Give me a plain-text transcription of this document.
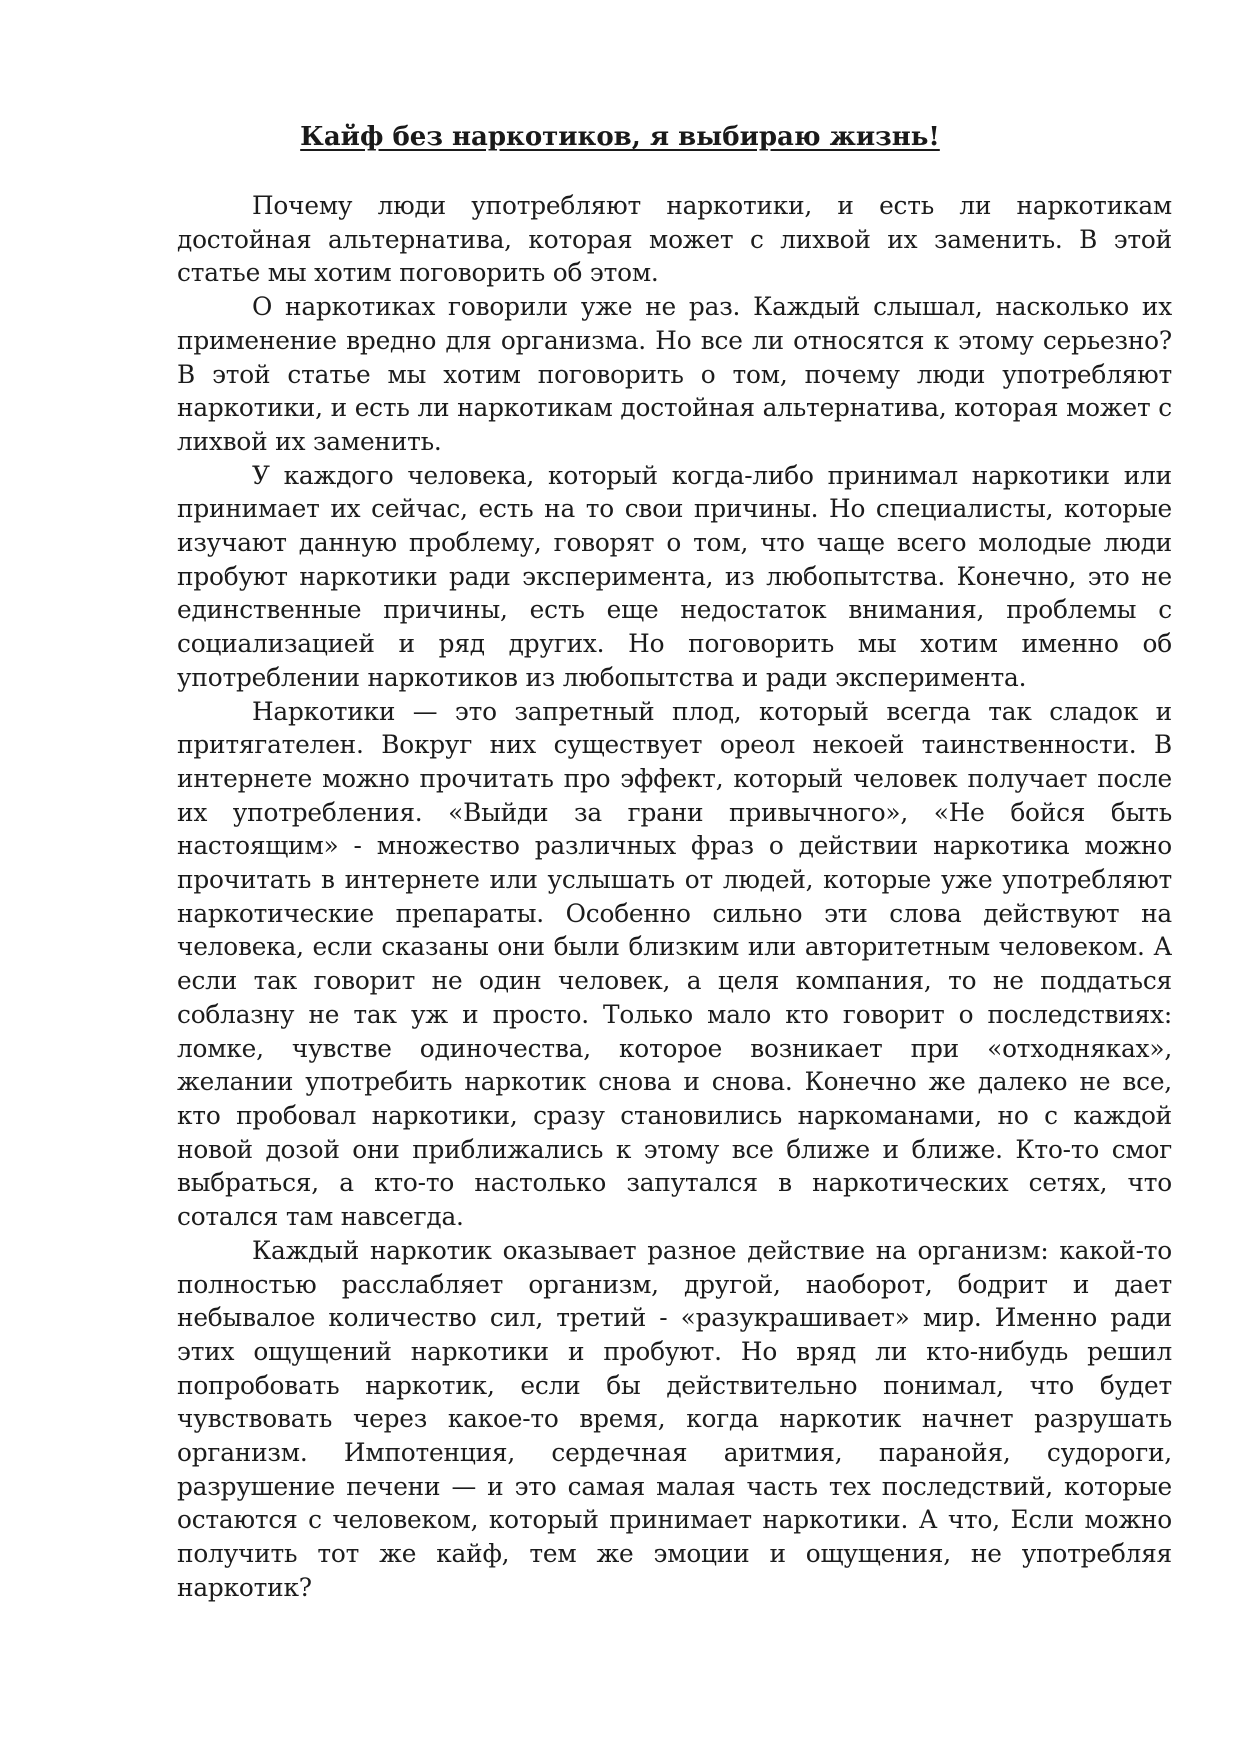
Кайф без наркотиков, я выбираю жизнь!

Почему люди употребляют наркотики, и есть ли наркотикам достойная альтернатива, которая может с лихвой их заменить. В этой статье мы хотим поговорить об этом.

О наркотиках говорили уже не раз. Каждый слышал, насколько их применение вредно для организма. Но все ли относятся к этому серьезно? В этой статье мы хотим поговорить о том, почему люди употребляют наркотики, и есть ли наркотикам достойная альтернатива, которая может с лихвой их заменить.

У каждого человека, который когда-либо принимал наркотики или принимает их сейчас, есть на то свои причины. Но специалисты, которые изучают данную проблему, говорят о том, что чаще всего молодые люди пробуют наркотики ради эксперимента, из любопытства. Конечно, это не единственные причины, есть еще недостаток внимания, проблемы с социализацией и ряд других. Но поговорить мы хотим именно об употреблении наркотиков из любопытства и ради эксперимента.

Наркотики — это запретный плод, который всегда так сладок и притягателен. Вокруг них существует ореол некоей таинственности. В интернете можно прочитать про эффект, который человек получает после их употребления. «Выйди за грани привычного», «Не бойся быть настоящим» - множество различных фраз о действии наркотика можно прочитать в интернете или услышать от людей, которые уже употребляют наркотические препараты. Особенно сильно эти слова действуют на человека, если сказаны они были близким или авторитетным человеком. А если так говорит не один человек, а целя компания, то не поддаться соблазну не так уж и просто. Только мало кто говорит о последствиях: ломке, чувстве одиночества, которое возникает при «отходняках», желании употребить наркотик снова и снова. Конечно же далеко не все, кто пробовал наркотики, сразу становились наркоманами, но с каждой новой дозой они приближались к этому все ближе и ближе. Кто-то смог выбраться, а кто-то настолько запутался в наркотических сетях, что сотался там навсегда.

Каждый наркотик оказывает разное действие на организм: какой-то полностью расслабляет организм, другой, наоборот, бодрит и дает небывалое количество сил, третий - «разукрашивает» мир. Именно ради этих ощущений наркотики и пробуют. Но вряд ли кто-нибудь решил попробовать наркотик, если бы действительно понимал, что будет чувствовать через какое-то время, когда наркотик начнет разрушать организм. Импотенция, сердечная аритмия, паранойя, судороги, разрушение печени — и это самая малая часть тех последствий, которые остаются с человеком, который принимает наркотики. А что, Если можно получить тот же кайф, тем же эмоции и ощущения, не употребляя наркотик?
